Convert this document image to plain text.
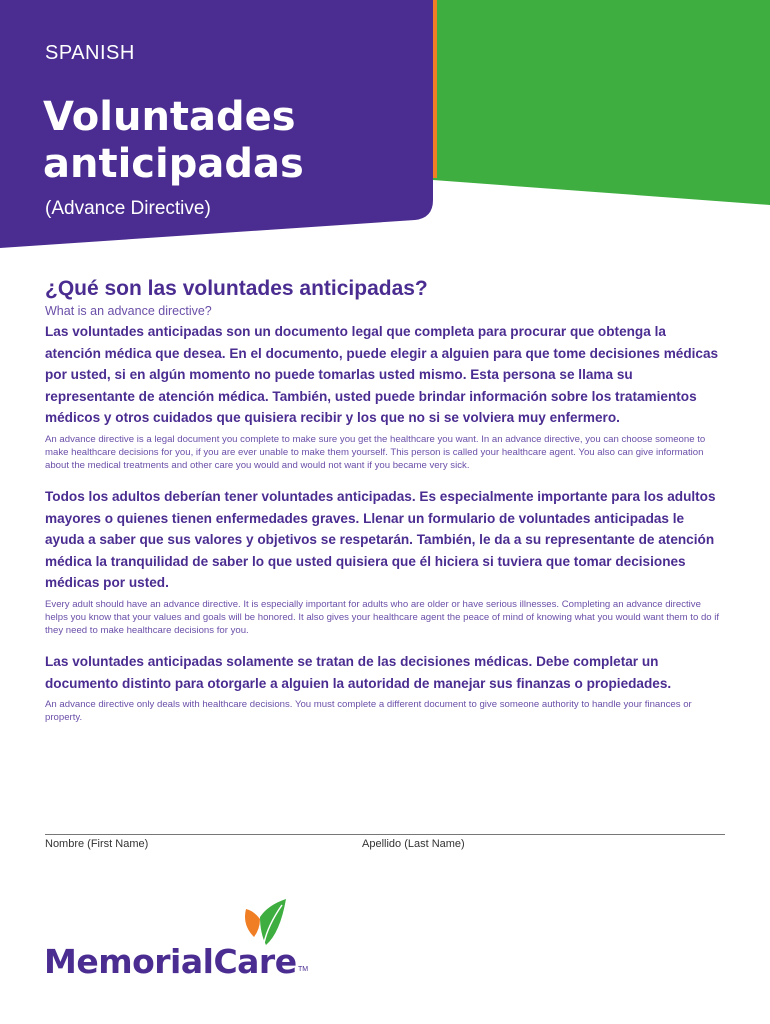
SPANISH

Voluntades
anticipadas

(Advance Directive)

¿Qué son las voluntades anticipadas?

What is an advance directive?

Las voluntades anticipadas son un documento legal que completa para procurar que obtenga la atención médica que desea. En el documento, puede elegir a alguien para que tome decisiones médicas por usted, si en algún momento no puede tomarlas usted mismo. Esta persona se llama su representante de atención médica. También, usted puede brindar información sobre los tratamientos médicos y otros cuidados que quisiera recibir y los que no si se volviera muy enfermero.

An advance directive is a legal document you complete to make sure you get the healthcare you want. In an advance directive, you can choose someone to make healthcare decisions for you, if you are ever unable to make them yourself. This person is called your healthcare agent. You also can give information about the medical treatments and other care you would and would not want if you became very sick.

Todos los adultos deberían tener voluntades anticipadas. Es especialmente importante para los adultos mayores o quienes tienen enfermedades graves. Llenar un formulario de voluntades anticipadas le ayuda a saber que sus valores y objetivos se respetarán. También, le da a su representante de atención médica la tranquilidad de saber lo que usted quisiera que él hiciera si tuviera que tomar decisiones médicas por usted.

Every adult should have an advance directive. It is especially important for adults who are older or have serious illnesses. Completing an advance directive helps you know that your values and goals will be honored. It also gives your healthcare agent the peace of mind of knowing what you would want them to do if they need to make healthcare decisions for you.

Las voluntades anticipadas solamente se tratan de las decisiones médicas. Debe completar un documento distinto para otorgarle a alguien la autoridad de manejar sus finanzas o propiedades.

An advance directive only deals with healthcare decisions. You must complete a different document to give someone authority to handle your finances or property.

Nombre (First Name)	Apellido (Last Name)

MemorialCare TM
